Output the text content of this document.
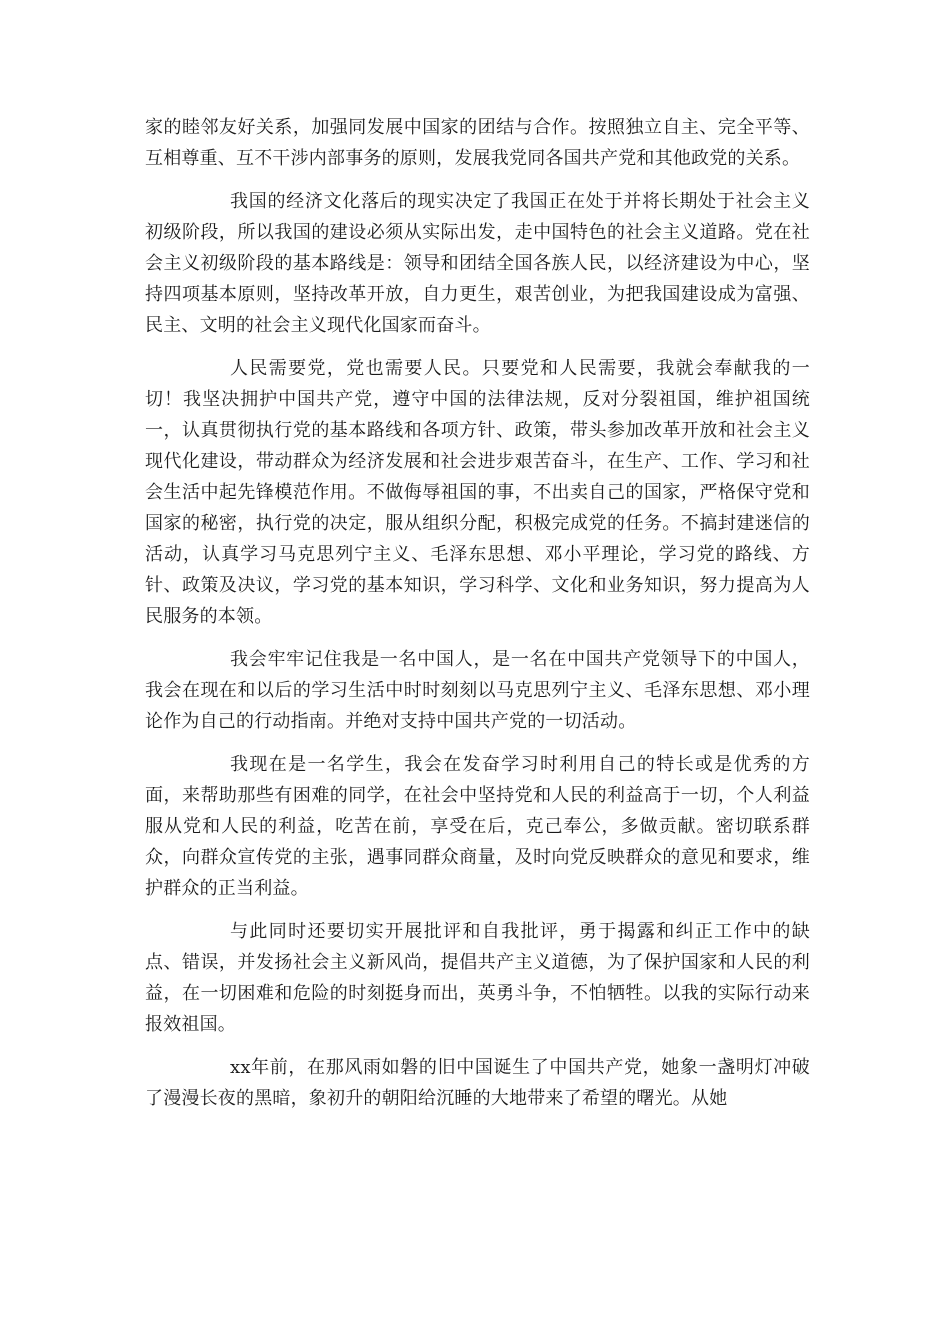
家的睦邻友好关系，加强同发展中国家的团结与合作。按照独立自主、完全平等、互相尊重、互不干涉内部事务的原则，发展我党同各国共产党和其他政党的关系。

我国的经济文化落后的现实决定了我国正在处于并将长期处于社会主义初级阶段，所以我国的建设必须从实际出发，走中国特色的社会主义道路。党在社会主义初级阶段的基本路线是：领导和团结全国各族人民，以经济建设为中心，坚持四项基本原则，坚持改革开放，自力更生，艰苦创业，为把我国建设成为富强、民主、文明的社会主义现代化国家而奋斗。

人民需要党，党也需要人民。只要党和人民需要，我就会奉献我的一切！我坚决拥护中国共产党，遵守中国的法律法规，反对分裂祖国，维护祖国统一，认真贯彻执行党的基本路线和各项方针、政策，带头参加改革开放和社会主义现代化建设，带动群众为经济发展和社会进步艰苦奋斗，在生产、工作、学习和社会生活中起先锋模范作用。不做侮辱祖国的事，不出卖自己的国家，严格保守党和国家的秘密，执行党的决定，服从组织分配，积极完成党的任务。不搞封建迷信的活动，认真学习马克思列宁主义、毛泽东思想、邓小平理论，学习党的路线、方针、政策及决议，学习党的基本知识，学习科学、文化和业务知识，努力提高为人民服务的本领。

我会牢牢记住我是一名中国人，是一名在中国共产党领导下的中国人，我会在现在和以后的学习生活中时时刻刻以马克思列宁主义、毛泽东思想、邓小理论作为自己的行动指南。并绝对支持中国共产党的一切活动。

我现在是一名学生，我会在发奋学习时利用自己的特长或是优秀的方面，来帮助那些有困难的同学，在社会中坚持党和人民的利益高于一切，个人利益服从党和人民的利益，吃苦在前，享受在后，克己奉公，多做贡献。密切联系群众，向群众宣传党的主张，遇事同群众商量，及时向党反映群众的意见和要求，维护群众的正当利益。

与此同时还要切实开展批评和自我批评，勇于揭露和纠正工作中的缺点、错误，并发扬社会主义新风尚，提倡共产主义道德，为了保护国家和人民的利益，在一切困难和危险的时刻挺身而出，英勇斗争，不怕牺牲。以我的实际行动来报效祖国。

xx年前，在那风雨如磐的旧中国诞生了中国共产党，她象一盏明灯冲破了漫漫长夜的黑暗，象初升的朝阳给沉睡的大地带来了希望的曙光。从她
